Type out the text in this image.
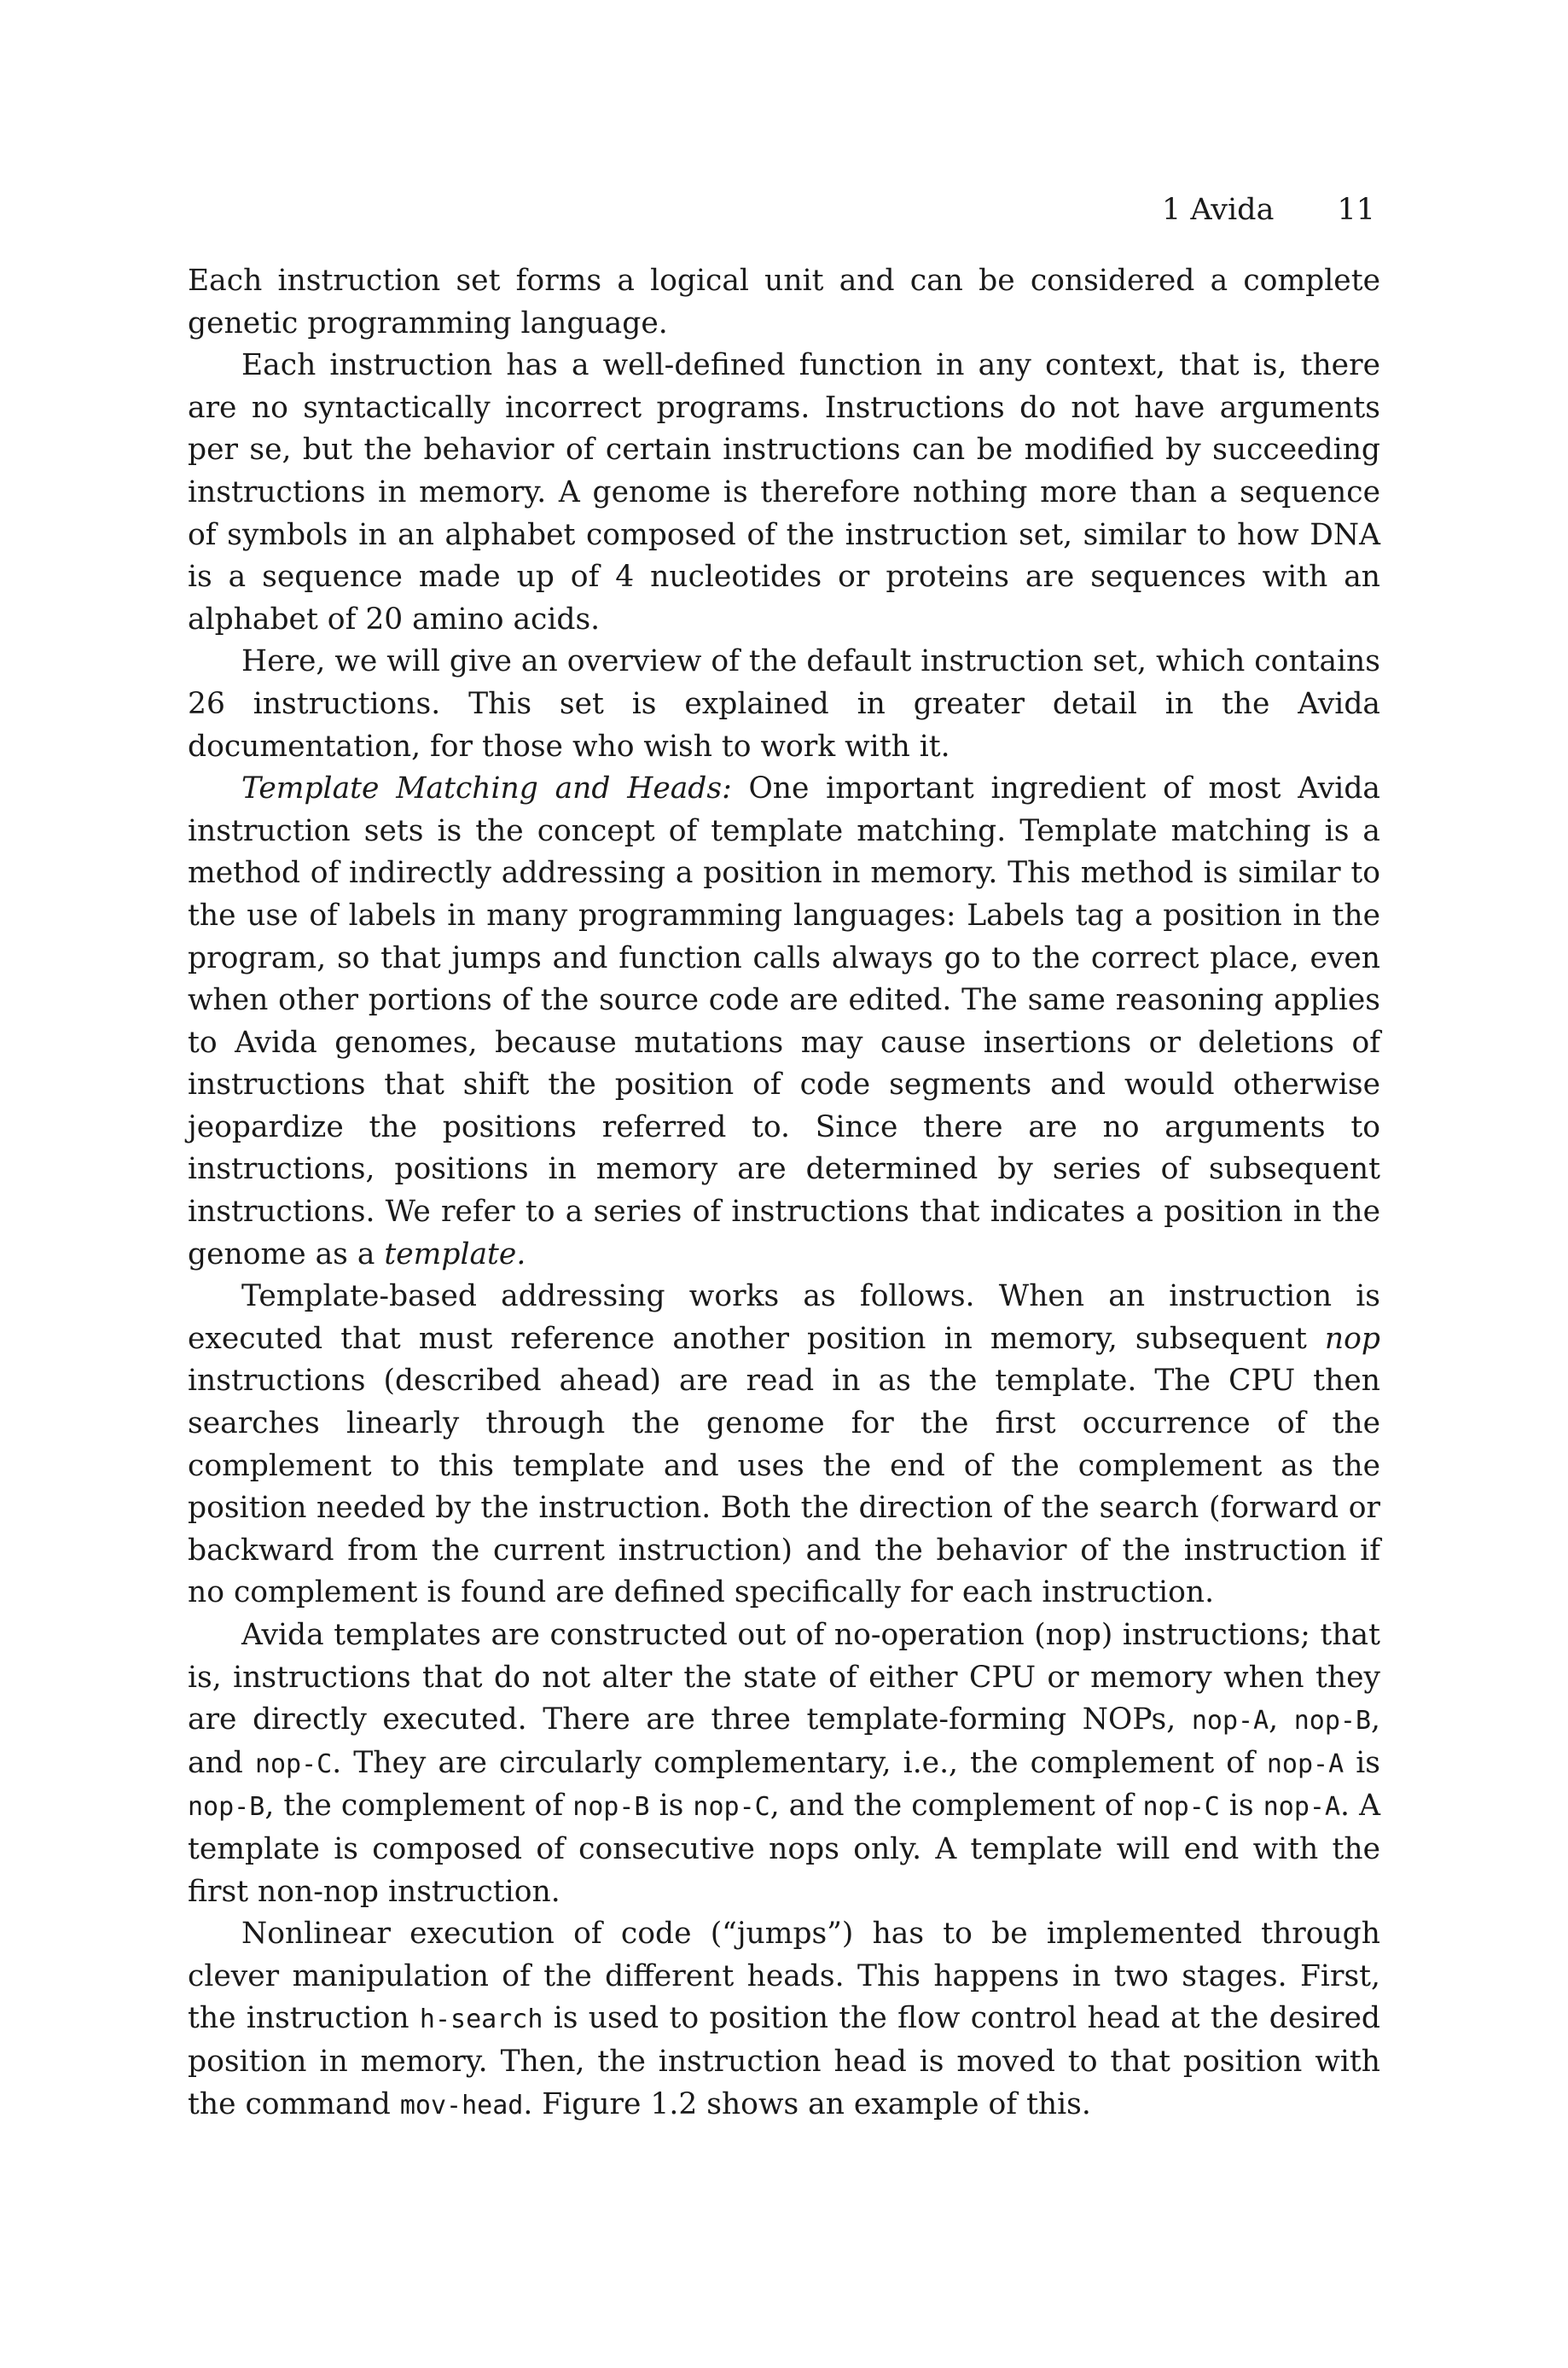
1 Avida 11

Each instruction set forms a logical unit and can be considered a complete genetic programming language.

Each instruction has a well-defined function in any context, that is, there are no syntactically incorrect programs. Instructions do not have arguments per se, but the behavior of certain instructions can be modified by succeeding instructions in memory. A genome is therefore nothing more than a sequence of symbols in an alphabet composed of the instruction set, similar to how DNA is a sequence made up of 4 nucleotides or proteins are sequences with an alphabet of 20 amino acids.

Here, we will give an overview of the default instruction set, which contains 26 instructions. This set is explained in greater detail in the Avida documentation, for those who wish to work with it.

Template Matching and Heads: One important ingredient of most Avida instruction sets is the concept of template matching. Template matching is a method of indirectly addressing a position in memory. This method is similar to the use of labels in many programming languages: Labels tag a position in the program, so that jumps and function calls always go to the correct place, even when other portions of the source code are edited. The same reasoning applies to Avida genomes, because mutations may cause insertions or deletions of instructions that shift the position of code segments and would otherwise jeopardize the positions referred to. Since there are no arguments to instructions, positions in memory are determined by series of subsequent instructions. We refer to a series of instructions that indicates a position in the genome as a template.

Template-based addressing works as follows. When an instruction is executed that must reference another position in memory, subsequent nop instructions (described ahead) are read in as the template. The CPU then searches linearly through the genome for the first occurrence of the complement to this template and uses the end of the complement as the position needed by the instruction. Both the direction of the search (forward or backward from the current instruction) and the behavior of the instruction if no complement is found are defined specifically for each instruction.

Avida templates are constructed out of no-operation (nop) instructions; that is, instructions that do not alter the state of either CPU or memory when they are directly executed. There are three template-forming NOPs, nop-A, nop-B, and nop-C. They are circularly complementary, i.e., the complement of nop-A is nop-B, the complement of nop-B is nop-C, and the complement of nop-C is nop-A. A template is composed of consecutive nops only. A template will end with the first non-nop instruction.

Nonlinear execution of code (“jumps”) has to be implemented through clever manipulation of the different heads. This happens in two stages. First, the instruction h-search is used to position the flow control head at the desired position in memory. Then, the instruction head is moved to that position with the command mov-head. Figure 1.2 shows an example of this.
